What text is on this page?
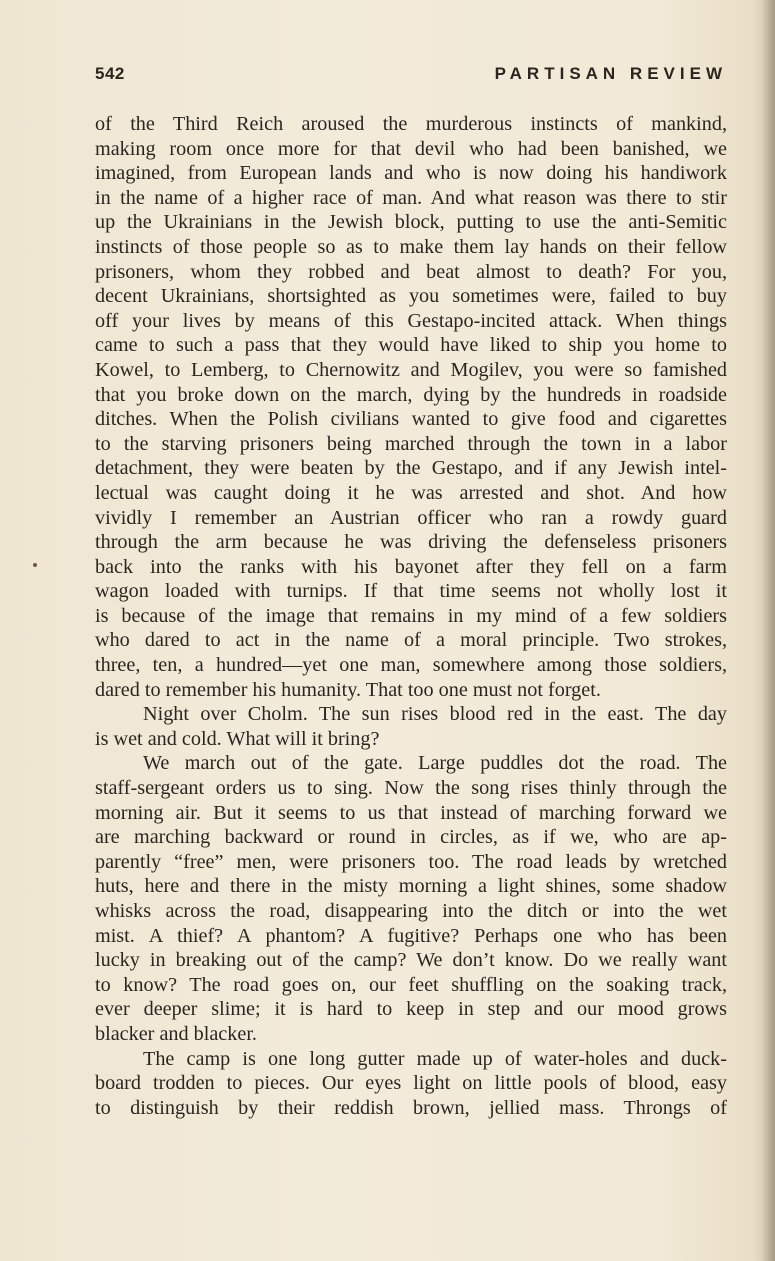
542	PARTISAN REVIEW
of the Third Reich aroused the murderous instincts of mankind,
making room once more for that devil who had been banished, we
imagined, from European lands and who is now doing his handiwork
in the name of a higher race of man. And what reason was there to stir
up the Ukrainians in the Jewish block, putting to use the anti-Semitic
instincts of those people so as to make them lay hands on their fellow
prisoners, whom they robbed and beat almost to death? For you,
decent Ukrainians, shortsighted as you sometimes were, failed to buy
off your lives by means of this Gestapo-incited attack. When things
came to such a pass that they would have liked to ship you home to
Kowel, to Lemberg, to Chernowitz and Mogilev, you were so famished
that you broke down on the march, dying by the hundreds in roadside
ditches. When the Polish civilians wanted to give food and cigarettes
to the starving prisoners being marched through the town in a labor
detachment, they were beaten by the Gestapo, and if any Jewish intel-
lectual was caught doing it he was arrested and shot. And how
vividly I remember an Austrian officer who ran a rowdy guard
through the arm because he was driving the defenseless prisoners
back into the ranks with his bayonet after they fell on a farm
wagon loaded with turnips. If that time seems not wholly lost it
is because of the image that remains in my mind of a few soldiers
who dared to act in the name of a moral principle. Two strokes,
three, ten, a hundred—yet one man, somewhere among those soldiers,
dared to remember his humanity. That too one must not forget.
Night over Cholm. The sun rises blood red in the east. The day
is wet and cold. What will it bring?
We march out of the gate. Large puddles dot the road. The
staff-sergeant orders us to sing. Now the song rises thinly through the
morning air. But it seems to us that instead of marching forward we
are marching backward or round in circles, as if we, who are ap-
parently “free” men, were prisoners too. The road leads by wretched
huts, here and there in the misty morning a light shines, some shadow
whisks across the road, disappearing into the ditch or into the wet
mist. A thief? A phantom? A fugitive? Perhaps one who has been
lucky in breaking out of the camp? We don’t know. Do we really want
to know? The road goes on, our feet shuffling on the soaking track,
ever deeper slime; it is hard to keep in step and our mood grows
blacker and blacker.
The camp is one long gutter made up of water-holes and duck-
board trodden to pieces. Our eyes light on little pools of blood, easy
to distinguish by their reddish brown, jellied mass. Throngs of
